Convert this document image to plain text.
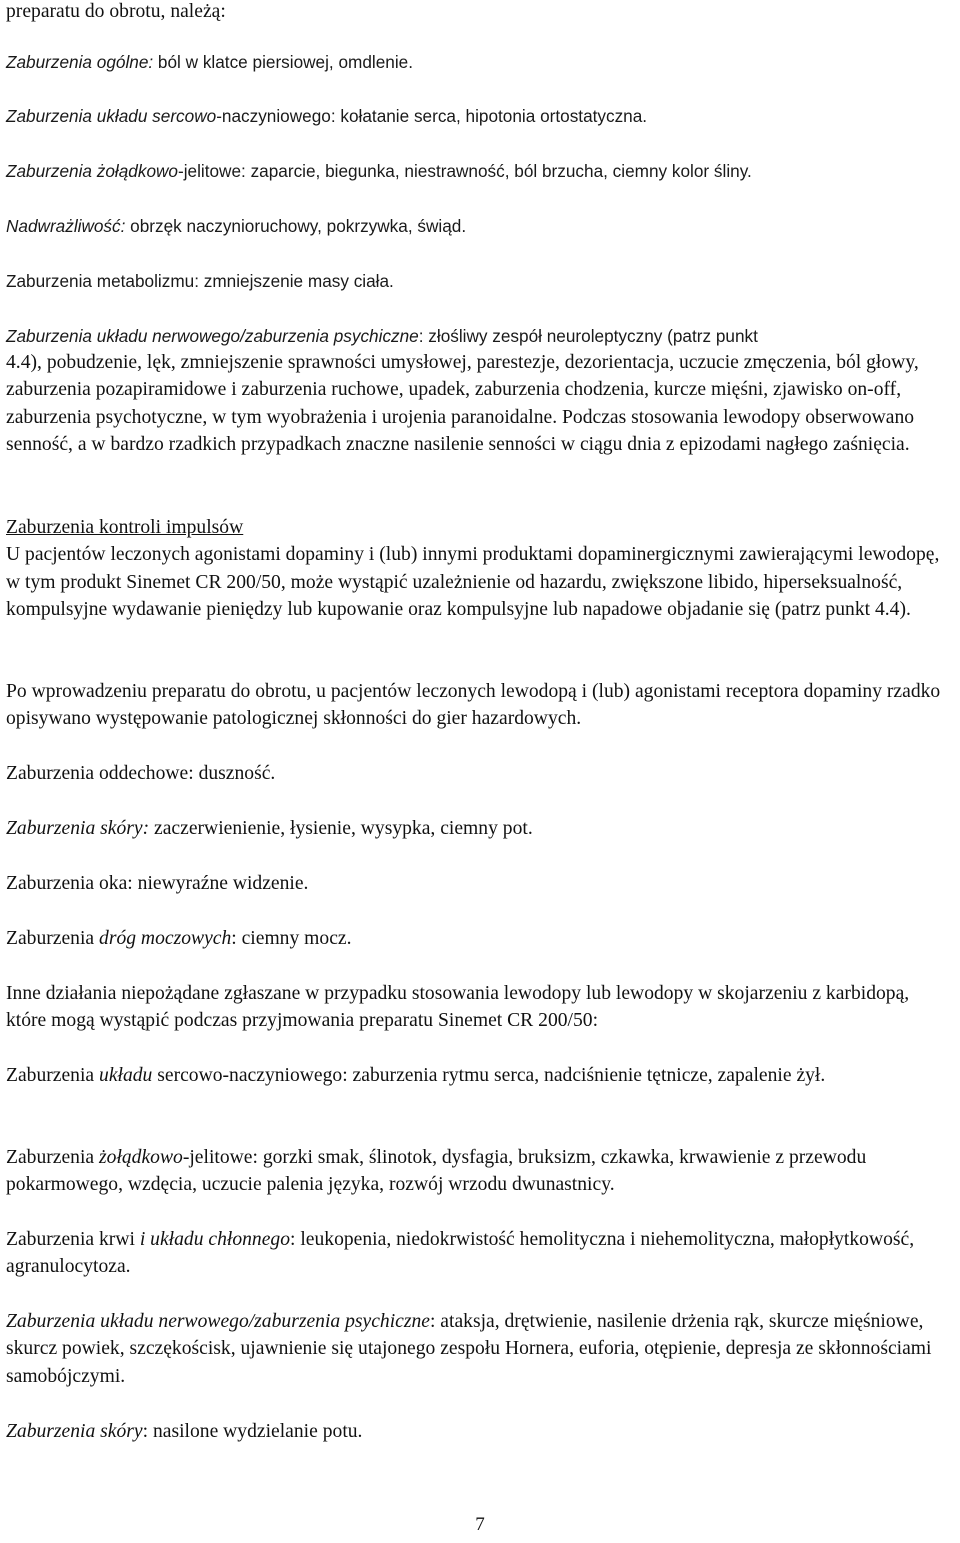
preparatu do obrotu, należą:
Zaburzenia ogólne: ból w klatce piersiowej, omdlenie.
Zaburzenia układu sercowo-naczyniowego: kołatanie serca, hipotonia ortostatyczna.
Zaburzenia żołądkowo-jelitowe: zaparcie, biegunka, niestrawność, ból brzucha, ciemny kolor śliny.
Nadwrażliwość: obrzęk naczynioruchowy, pokrzywka, świąd.
Zaburzenia metabolizmu: zmniejszenie masy ciała.
Zaburzenia układu nerwowego/zaburzenia psychiczne: złośliwy zespół neuroleptyczny (patrz punkt
4.4), pobudzenie, lęk, zmniejszenie sprawności umysłowej, parestezje, dezorientacja, uczucie zmęczenia, ból głowy, zaburzenia pozapiramidowe i zaburzenia ruchowe, upadek, zaburzenia chodzenia, kurcze mięśni, zjawisko on-off, zaburzenia psychotyczne, w tym wyobrażenia i urojenia paranoidalne. Podczas stosowania lewodopy obserwowano senność, a w bardzo rzadkich przypadkach znaczne nasilenie senności w ciągu dnia z epizodami nagłego zaśnięcia.
Zaburzenia kontroli impulsów
U pacjentów leczonych agonistami dopaminy i (lub) innymi produktami dopaminergicznymi zawierającymi lewodopę, w tym produkt Sinemet CR 200/50, może wystąpić uzależnienie od hazardu, zwiększone libido, hiperseksualność, kompulsyjne wydawanie pieniędzy lub kupowanie oraz kompulsyjne lub napadowe objadanie się (patrz punkt 4.4).
Po wprowadzeniu preparatu do obrotu, u pacjentów leczonych lewodopą i (lub) agonistami receptora dopaminy rzadko opisywano występowanie patologicznej skłonności do gier hazardowych.
Zaburzenia oddechowe: duszność.
Zaburzenia skóry: zaczerwienienie, łysienie, wysypka, ciemny pot.
Zaburzenia oka: niewyraźne widzenie.
Zaburzenia dróg moczowych: ciemny mocz.
Inne działania niepożądane zgłaszane w przypadku stosowania lewodopy lub lewodopy w skojarzeniu z karbidopą, które mogą wystąpić podczas przyjmowania preparatu Sinemet CR 200/50:
Zaburzenia układu sercowo-naczyniowego: zaburzenia rytmu serca, nadciśnienie tętnicze, zapalenie żył.
Zaburzenia żołądkowo-jelitowe: gorzki smak, ślinotok, dysfagia, bruksizm, czkawka, krwawienie z przewodu pokarmowego, wzdęcia, uczucie palenia języka, rozwój wrzodu dwunastnicy.
Zaburzenia krwi i układu chłonnego: leukopenia, niedokrwistość hemolityczna i niehemolityczna, małopłytkowość, agranulocytoza.
Zaburzenia układu nerwowego/zaburzenia psychiczne: ataksja, drętwienie, nasilenie drżenia rąk, skurcze mięśniowe, skurcz powiek, szczękościsk, ujawnienie się utajonego zespołu Hornera, euforia, otępienie, depresja ze skłonnościami samobójczymi.
Zaburzenia skóry: nasilone wydzielanie potu.
7
